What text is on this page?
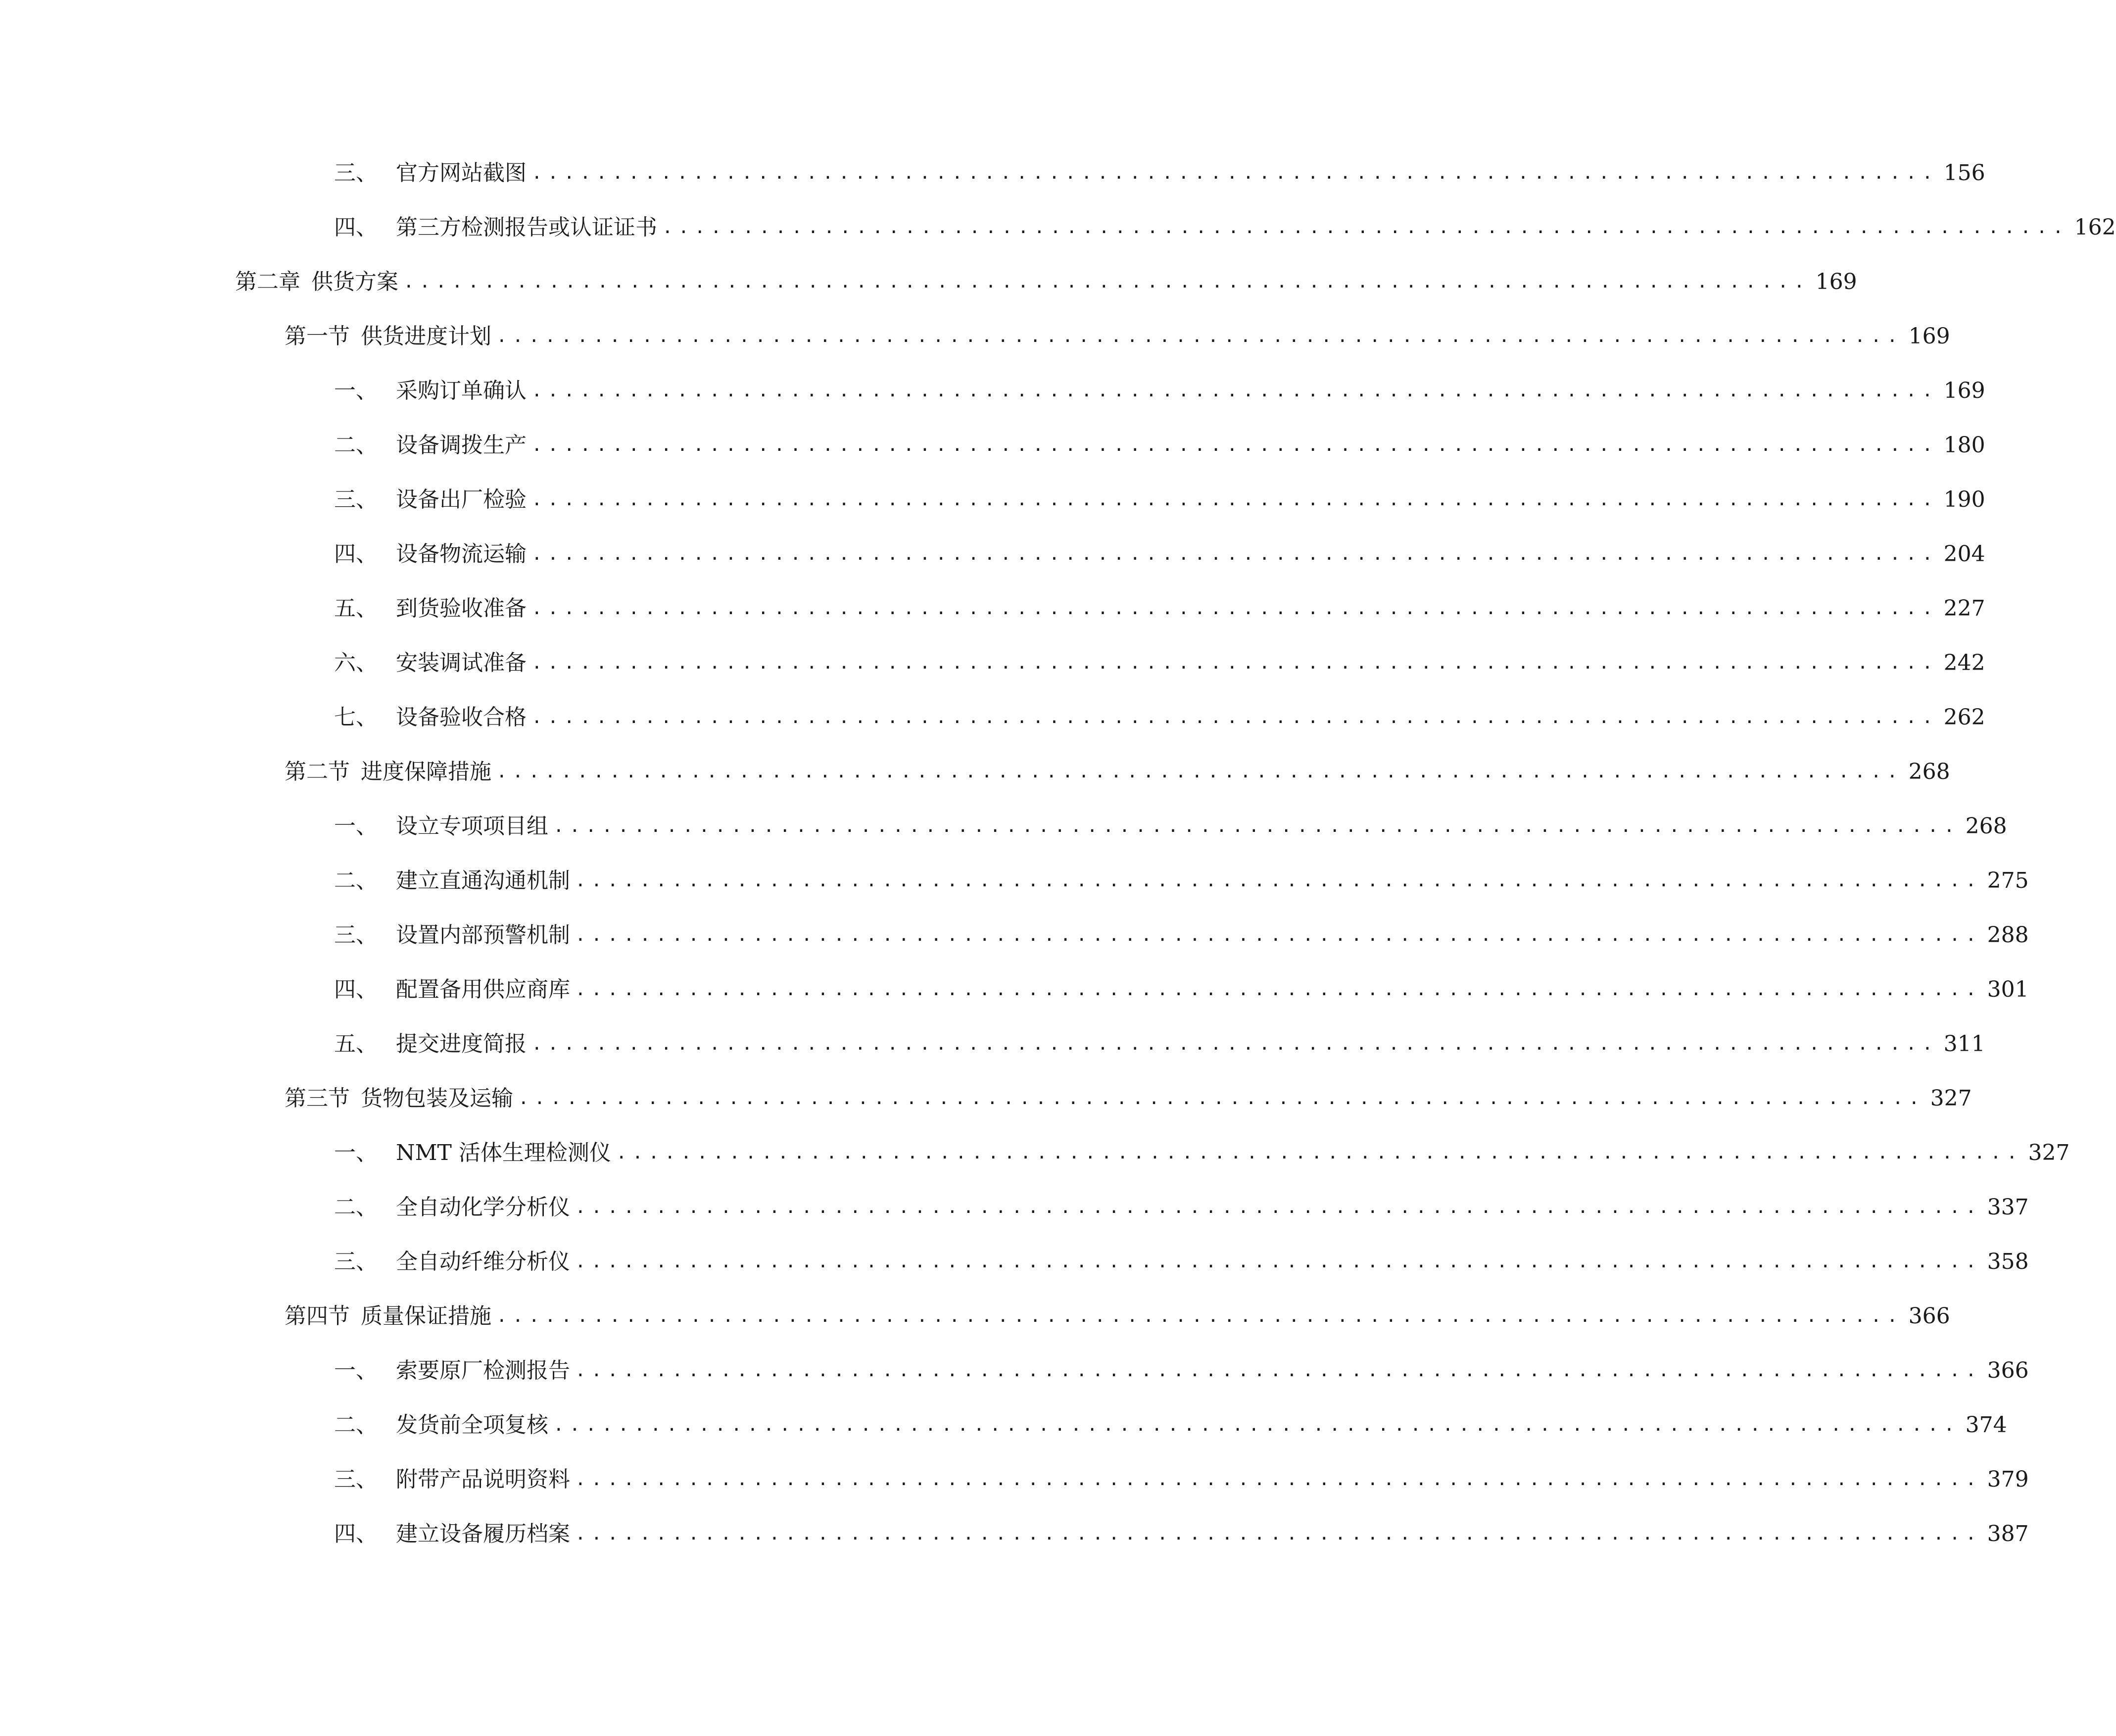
三、 官方网站截图 ....................................................................................... 156
四、 第三方检测报告或认证证书 ....................................................................................... 162
第二章 供货方案 ....................................................................................... 169
第一节 供货进度计划 ....................................................................................... 169
一、 采购订单确认 ....................................................................................... 169
二、 设备调拨生产 ....................................................................................... 180
三、 设备出厂检验 ....................................................................................... 190
四、 设备物流运输 ....................................................................................... 204
五、 到货验收准备 ....................................................................................... 227
六、 安装调试准备 ....................................................................................... 242
七、 设备验收合格 ....................................................................................... 262
第二节 进度保障措施 ....................................................................................... 268
一、 设立专项项目组 ....................................................................................... 268
二、 建立直通沟通机制 ....................................................................................... 275
三、 设置内部预警机制 ....................................................................................... 288
四、 配置备用供应商库 ....................................................................................... 301
五、 提交进度简报 ....................................................................................... 311
第三节 货物包装及运输 ....................................................................................... 327
一、 NMT 活体生理检测仪 ....................................................................................... 327
二、 全自动化学分析仪 ....................................................................................... 337
三、 全自动纤维分析仪 ....................................................................................... 358
第四节 质量保证措施 ....................................................................................... 366
一、 索要原厂检测报告 ....................................................................................... 366
二、 发货前全项复核 ....................................................................................... 374
三、 附带产品说明资料 ....................................................................................... 379
四、 建立设备履历档案 ....................................................................................... 387
